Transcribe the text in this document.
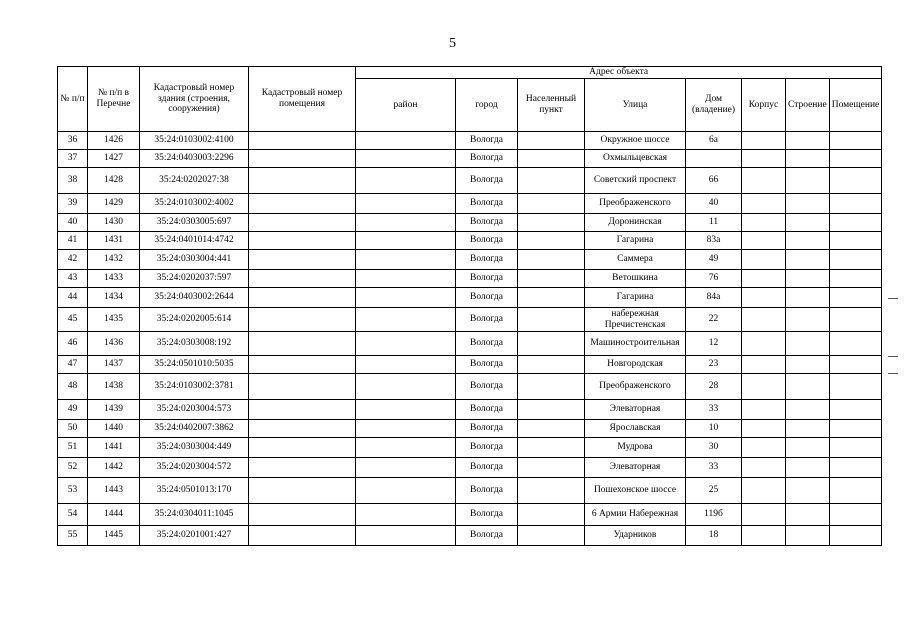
5
№ п/п	№ п/п в Перечне	Кадастровый номер здания (строения, сооружения)	Кадастровый номер помещения	Адрес объекта							
				район	город	Населенный пункт	Улица	Дом (владение)	Корпус	Строение	Помещение
36	1426	35:24:0103002:4100			Вологда		Окружное шоссе	6а			
37	1427	35:24:0403003:2296			Вологда		Охмыльцевская				
38	1428	35:24:0202027:38			Вологда		Советский проспект	66			
39	1429	35:24:0103002:4002			Вологда		Преображенского	40			
40	1430	35:24:0303005:697			Вологда		Доронинская	11			
41	1431	35:24:0401014:4742			Вологда		Гагарина	83а			
42	1432	35:24:0303004:441			Вологда		Саммера	49			
43	1433	35:24:0202037:597			Вологда		Ветошкина	76			
44	1434	35:24:0403002:2644			Вологда		Гагарина	84а			
45	1435	35:24:0202005:614			Вологда		набережная Пречистенская	22			
46	1436	35:24:0303008:192			Вологда		Машиностроительная	12			
47	1437	35:24:0501010:5035			Вологда		Новгородская	23			
48	1438	35:24:0103002:3781			Вологда		Преображенского	28			
49	1439	35:24:0203004:573			Вологда		Элеваторная	33			
50	1440	35:24:0402007:3862			Вологда		Ярославская	10			
51	1441	35:24:0303004:449			Вологда		Мудрова	30			
52	1442	35:24:0203004:572			Вологда		Элеваторная	33			
53	1443	35:24:0501013:170			Вологда		Пошехонское шоссе	25			
54	1444	35:24:0304011:1045			Вологда		6 Армии Набережная	119б			
55	1445	35:24:0201001:427			Вологда		Ударников	18			
